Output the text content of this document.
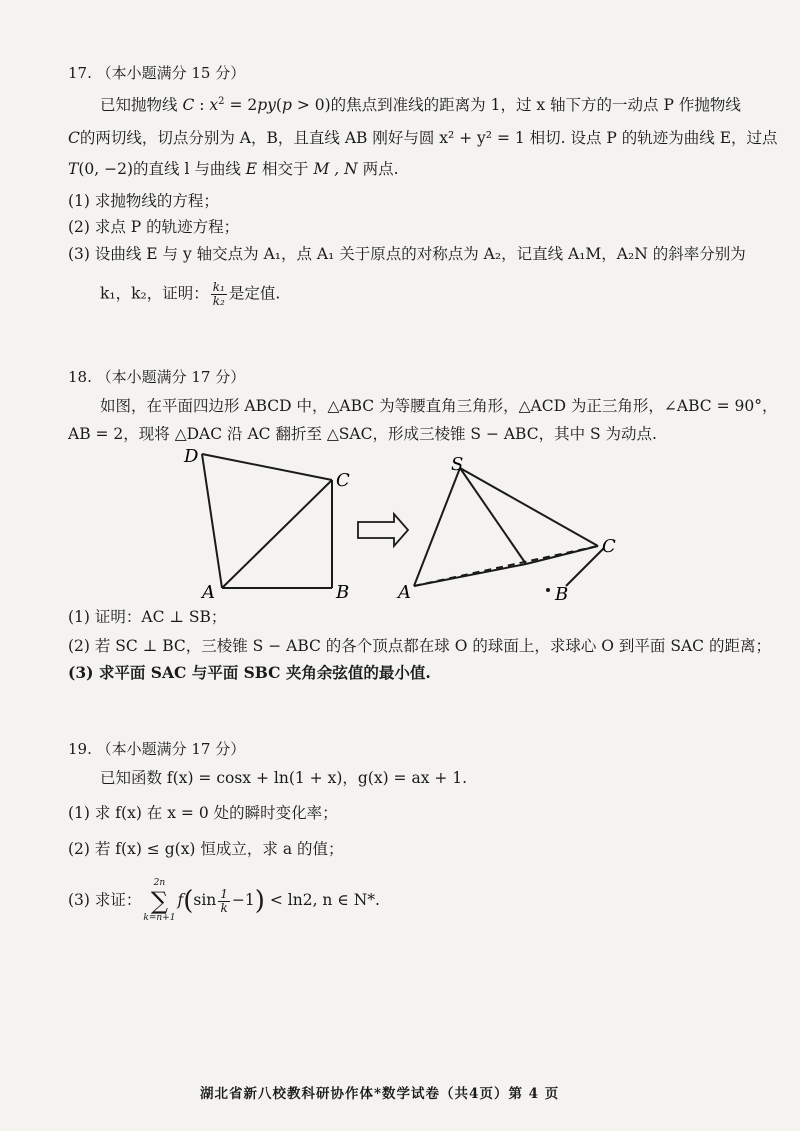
17. （本小题满分 15 分）
已知抛物线 C : $x^2 = 2py(p > 0)$的焦点到准线的距离为 1，过 x 轴下方的一动点 P 作抛物线
C的两切线，切点分别为 A，B，且直线 AB 刚好与圆 x² + y² = 1 相切. 设点 P 的轨迹为曲线 E，过点
T(0, −2)的直线 l 与曲线 E 相交于 M , N 两点.
(1) 求抛物线的方程；
(2) 求点 P 的轨迹方程；
(3) 设曲线 E 与 y 轴交点为 A₁，点 A₁ 关于原点的对称点为 A₂，记直线 A₁M，A₂N 的斜率分别为
k₁，k₂，证明： $\frac{\text{k₁}}{\text{k₂}}$ 是定值.
18. （本小题满分 17 分）
如图，在平面四边形 ABCD 中，△ABC 为等腰直角三角形，△ACD 为正三角形，∠ABC = 90°，
AB = 2，现将 △DAC 沿 AC 翻折至 △SAC，形成三棱锥 S − ABC，其中 S 为动点.
D
C
A	B
S
C
A	B
(1) 证明：AC ⊥ SB；
(2) 若 SC ⊥ BC，三棱锥 S − ABC 的各个顶点都在球 O 的球面上，求球心 O 到平面 SAC 的距离；
(3) 求平面 SAC 与平面 SBC 夹角余弦值的最小值.
19. （本小题满分 17 分）
已知函数 f(x) = cosx + ln(1 + x)，g(x) = ax + 1.
(1) 求 f(x) 在 x = 0 处的瞬时变化率；
(2) 若 f(x) ≤ g(x) 恒成立，求 a 的值；
(3) 求证：
2n
∑
k=n+1
$f(\sin \frac{1}{k} -1) < \ln 2$, n ∈ N*.
湖北省新八校教科研协作体*数学试卷（共4页）第 4 页
